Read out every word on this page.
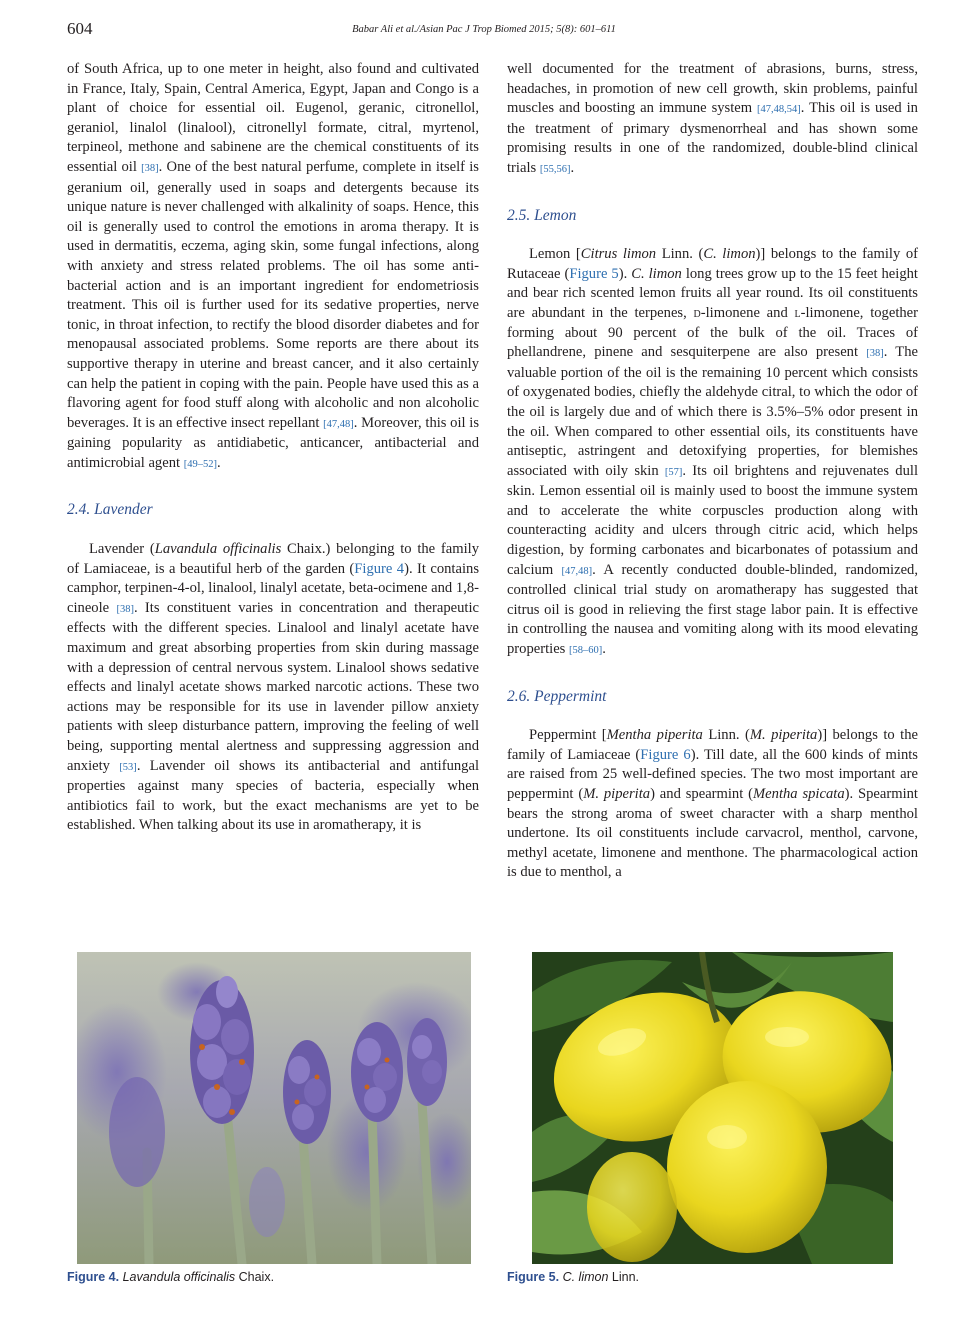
604	Babar Ali et al./Asian Pac J Trop Biomed 2015; 5(8): 601–611

of South Africa, up to one meter in height, also found and cultivated in France, Italy, Spain, Central America, Egypt, Japan and Congo is a plant of choice for essential oil. Eugenol, geranic, citronellol, geraniol, linalol (linalool), citronellyl formate, citral, myrtenol, terpineol, methone and sabinene are the chemical constituents of its essential oil [38]. One of the best natural perfume, complete in itself is geranium oil, generally used in soaps and detergents because its unique nature is never challenged with alkalinity of soaps. Hence, this oil is generally used to control the emotions in aroma therapy. It is used in dermatitis, eczema, aging skin, some fungal infections, along with anxiety and stress related problems. The oil has some anti-bacterial action and is an important ingredient for endometriosis treatment. This oil is further used for its sedative properties, nerve tonic, in throat infection, to rectify the blood disorder diabetes and for menopausal associated problems. Some reports are there about its supportive therapy in uterine and breast cancer, and it also certainly can help the patient in coping with the pain. People have used this as a flavoring agent for food stuff along with alcoholic and non alcoholic beverages. It is an effective insect repellant [47,48]. Moreover, this oil is gaining popularity as antidiabetic, anticancer, antibacterial and antimicrobial agent [49–52].

2.4. Lavender

Lavender (Lavandula officinalis Chaix.) belonging to the family of Lamiaceae, is a beautiful herb of the garden (Figure 4). It contains camphor, terpinen-4-ol, linalool, linalyl acetate, beta-ocimene and 1,8-cineole [38]. Its constituent varies in concentration and therapeutic effects with the different species. Linalool and linalyl acetate have maximum and great absorbing properties from skin during massage with a depression of central nervous system. Linalool shows sedative effects and linalyl acetate shows marked narcotic actions. These two actions may be responsible for its use in lavender pillow anxiety patients with sleep disturbance pattern, improving the feeling of well being, supporting mental alertness and suppressing aggression and anxiety [53]. Lavender oil shows its antibacterial and antifungal properties against many species of bacteria, especially when antibiotics fail to work, but the exact mechanisms are yet to be established. When talking about its use in aromatherapy, it is

well documented for the treatment of abrasions, burns, stress, headaches, in promotion of new cell growth, skin problems, painful muscles and boosting an immune system [47,48,54]. This oil is used in the treatment of primary dysmenorrheal and has shown some promising results in one of the randomized, double-blind clinical trials [55,56].

2.5. Lemon

Lemon [Citrus limon Linn. (C. limon)] belongs to the family of Rutaceae (Figure 5). C. limon long trees grow up to the 15 feet height and bear rich scented lemon fruits all year round. Its oil constituents are abundant in the terpenes, d-limonene and l-limonene, together forming about 90 percent of the bulk of the oil. Traces of phellandrene, pinene and sesquiterpene are also present [38]. The valuable portion of the oil is the remaining 10 percent which consists of oxygenated bodies, chiefly the aldehyde citral, to which the odor of the oil is largely due and of which there is 3.5%–5% odor present in the oil. When compared to other essential oils, its constituents have antiseptic, astringent and detoxifying properties, for blemishes associated with oily skin [57]. Its oil brightens and rejuvenates dull skin. Lemon essential oil is mainly used to boost the immune system and to accelerate the white corpuscles production along with counteracting acidity and ulcers through citric acid, which helps digestion, by forming carbonates and bicarbonates of potassium and calcium [47,48]. A recently conducted double-blinded, randomized, controlled clinical trial study on aromatherapy has suggested that citrus oil is good in relieving the first stage labor pain. It is effective in controlling the nausea and vomiting along with its mood elevating properties [58–60].

2.6. Peppermint

Peppermint [Mentha piperita Linn. (M. piperita)] belongs to the family of Lamiaceae (Figure 6). Till date, all the 600 kinds of mints are raised from 25 well-defined species. The two most important are peppermint (M. piperita) and spearmint (Mentha spicata). Spearmint bears the strong aroma of sweet character with a sharp menthol undertone. Its oil constituents include carvacrol, menthol, carvone, methyl acetate, limonene and menthone. The pharmacological action is due to menthol, a

Figure 4. Lavandula officinalis Chaix.	Figure 5. C. limon Linn.
